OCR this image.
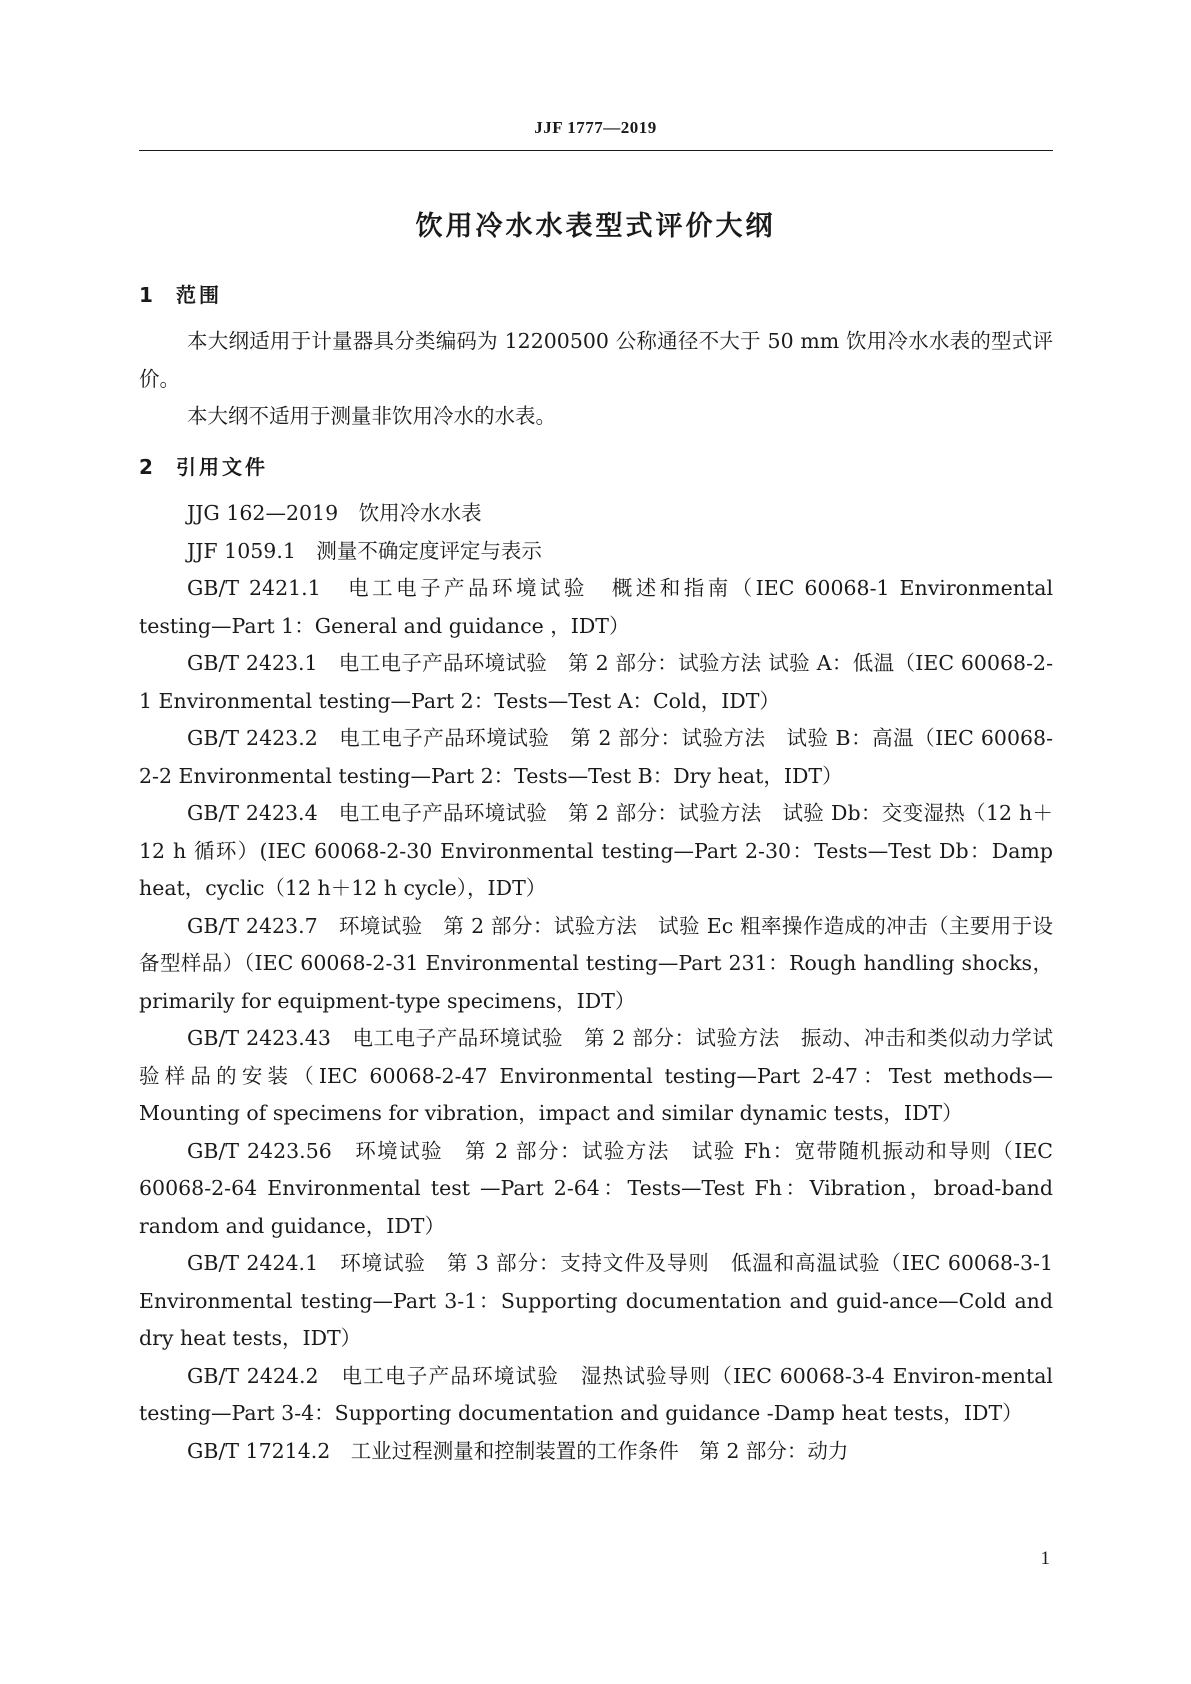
JJF 1777—2019
饮用冷水水表型式评价大纲
1 范围

本大纲适用于计量器具分类编码为 12200500 公称通径不大于 50 mm 饮用冷水水表的型式评价。

本大纲不适用于测量非饮用冷水的水表。

2 引用文件

JJG 162—2019　饮用冷水水表

JJF 1059.1　测量不确定度评定与表示

GB/T 2421.1　电工电子产品环境试验　概述和指南（IEC 60068-1 Environmental testing—Part 1：General and guidance ，IDT）

GB/T 2423.1　电工电子产品环境试验　第 2 部分：试验方法 试验 A：低温（IEC 60068-2-1 Environmental testing—Part 2：Tests—Test A：Cold，IDT）

GB/T 2423.2　电工电子产品环境试验　第 2 部分：试验方法　试验 B：高温（IEC 60068-2-2 Environmental testing—Part 2：Tests—Test B：Dry heat，IDT）

GB/T 2423.4　电工电子产品环境试验　第 2 部分：试验方法　试验 Db：交变湿热（12 h＋12 h 循环）(IEC 60068-2-30 Environmental testing—Part 2-30：Tests—Test Db：Damp heat，cyclic（12 h＋12 h cycle），IDT）

GB/T 2423.7　环境试验　第 2 部分：试验方法　试验 Ec 粗率操作造成的冲击（主要用于设备型样品）（IEC 60068-2-31 Environmental testing—Part 231：Rough handling shocks，primarily for equipment-type specimens，IDT）

GB/T 2423.43　电工电子产品环境试验　第 2 部分：试验方法　振动、冲击和类似动力学试验样品的安装（IEC 60068-2-47 Environmental testing—Part 2-47：Test methods—Mounting of specimens for vibration，impact and similar dynamic tests，IDT）

GB/T 2423.56　环境试验　第 2 部分：试验方法　试验 Fh：宽带随机振动和导则（IEC 60068-2-64 Environmental test —Part 2-64：Tests—Test Fh：Vibration，broad-band random and guidance，IDT）

GB/T 2424.1　环境试验　第 3 部分：支持文件及导则　低温和高温试验（IEC 60068-3-1 Environmental testing—Part 3-1：Supporting documentation and guid-ance—Cold and dry heat tests，IDT）

GB/T 2424.2　电工电子产品环境试验　湿热试验导则（IEC 60068-3-4 Environ-mental testing—Part 3-4：Supporting documentation and guidance -Damp heat tests，IDT）

GB/T 17214.2　工业过程测量和控制装置的工作条件　第 2 部分：动力

1
